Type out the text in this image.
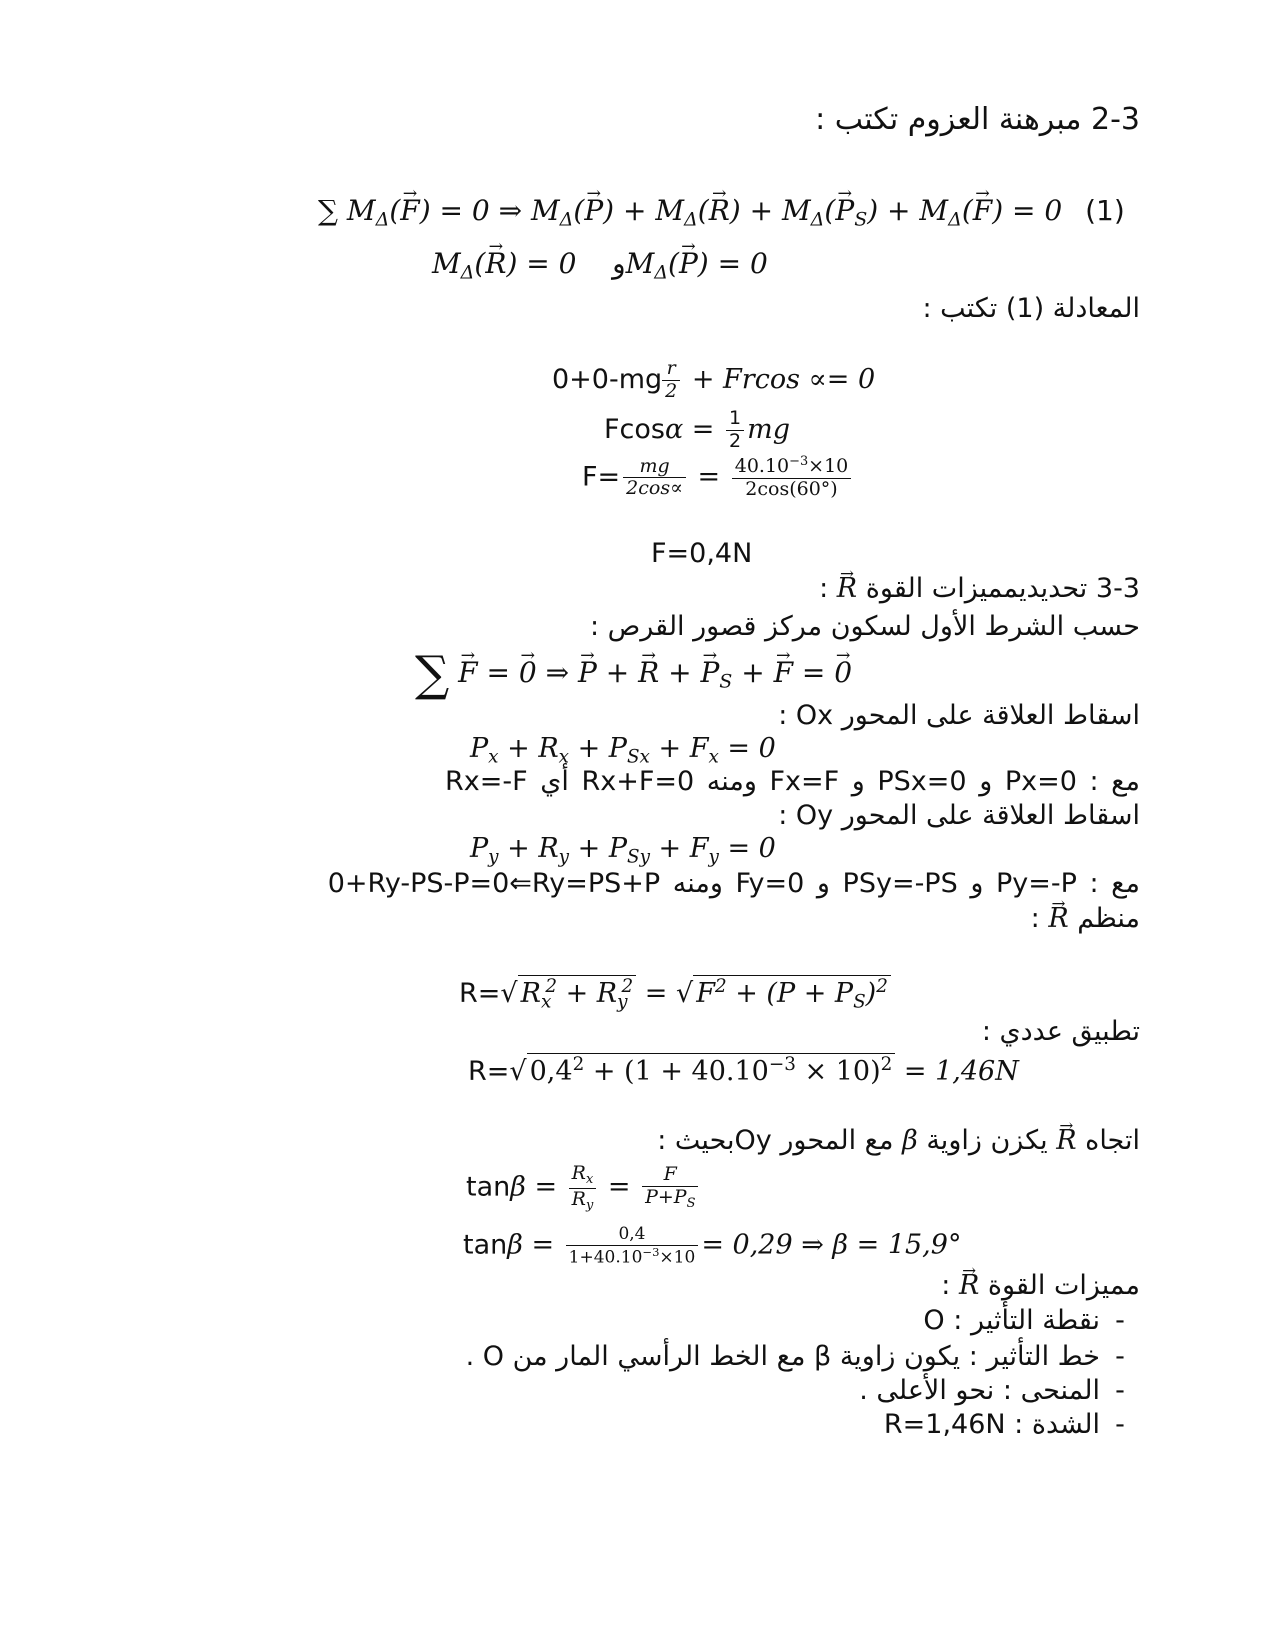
2-3 مبرهنة العزوم تكتب :
∑ $M_\Delta(\to F) = 0$ ⇒ $M_\Delta(\to P) + M_\Delta(\to R) + M_\Delta(\to P_S) + M_\Delta(\to F) = 0$ (1)
$M_\Delta(\to R) = 0$    وM$_\Delta$(→ P) = 0
المعادلة (1) تكتب :
$0+0-mg \frac{r}{2} + Frcos \propto= 0$
$Fcos\alpha = \frac{1}{2}$ mg
$F= \frac{mg}{2\cos\propto} = \frac{40.10^{-3}\times 10}{2\cos(60^\circ)}$
F=0,4N
3-3 تحديديمميزات القوة → R :
حسب الشرط الأول لسكون مركز قصور القرص :
∑ → F = → 0 ⇒ → P + → R + → $P_S$ + → F = → 0
اسقاط العلاقة على المحور Ox :
$P_x + R_x + P_{Sx} + F_x = 0$
مع : Px=0 و PSx=0 و Fx=F ومنه Rx+F=0 أي Rx=-F
اسقاط العلاقة على المحور Oy :
$P_y + R_y + P_{Sy} + F_y = 0$
مع : Py=-P و PSy=-PS و Fy=0 ومنه 0+Ry-PS-P=0⇐Ry=PS+P
منظم → R :
R=√ $R_x^2 + R_y^2$ = √ $F^2 + (P + P_S)^2$
تطبيق عددي :
R=√ $0,4^2 + (1 + 40.10^{-3} \times 10)^2 = 1,46N$
اتجاه → R يكزن زاوية β مع المحور Oyبحيث :
$\tan\beta = \frac{R_x}{R_y} = \frac{F}{P+P_S}$
$\tan\beta = \frac{0,4}{1+40.10^{-3}\times 10} = 0,29$ ⇒ β = 15,9°
مميزات القوة → R :
-نقطة التأثير : O
-خط التأثير : يكون زاوية β مع الخط الرأسي المار من O .
-المنحى : نحو الأعلى .
-الشدة : R=1,46N
